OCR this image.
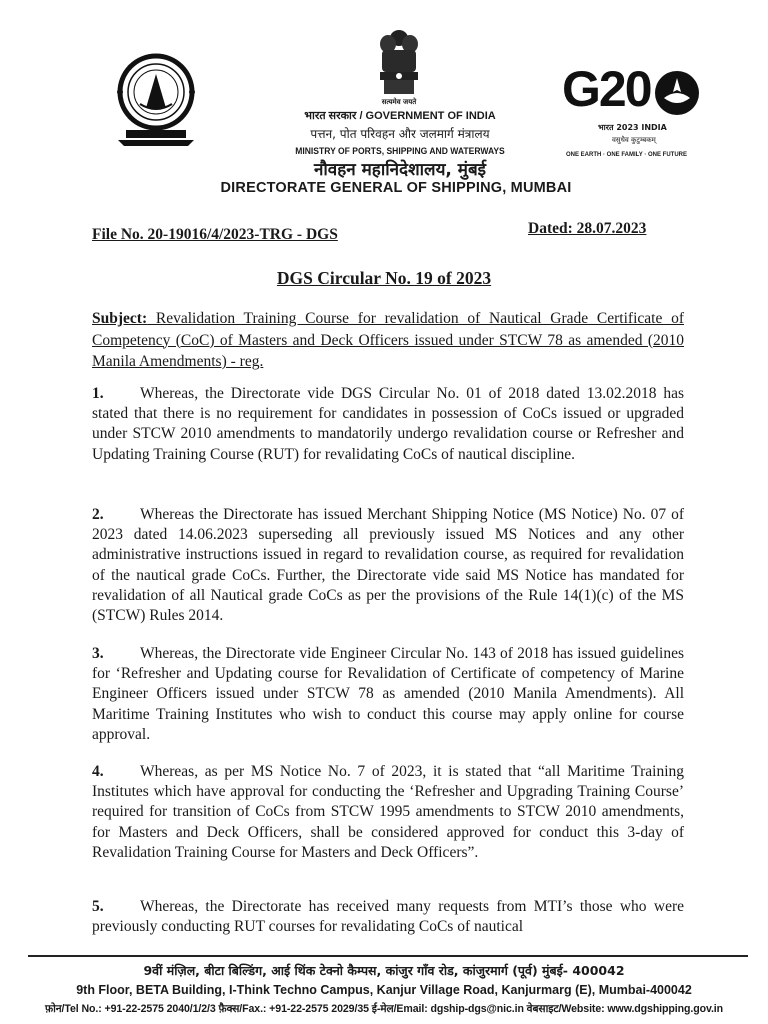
सत्यमेव जयते
भारत सरकार / GOVERNMENT OF INDIA
पत्तन, पोत परिवहन और जलमार्ग मंत्रालय
MINISTRY OF PORTS, SHIPPING AND WATERWAYS
नौवहन महानिदेशालय, मुंबई
DIRECTORATE GENERAL OF SHIPPING, MUMBAI
G20
भारत 2023 INDIA
वसुधैव कुटुम्बकम्
ONE EARTH · ONE FAMILY · ONE FUTURE
File No. 20-19016/4/2023-TRG - DGS	Dated: 28.07.2023
DGS Circular No. 19 of 2023
Subject: Revalidation Training Course for revalidation of Nautical Grade Certificate of Competency (CoC) of Masters and Deck Officers issued under STCW 78 as amended (2010 Manila Amendments) - reg.
1. Whereas, the Directorate vide DGS Circular No. 01 of 2018 dated 13.02.2018 has stated that there is no requirement for candidates in possession of CoCs issued or upgraded under STCW 2010 amendments to mandatorily undergo revalidation course or Refresher and Updating Training Course (RUT) for revalidating CoCs of nautical discipline.
2. Whereas the Directorate has issued Merchant Shipping Notice (MS Notice) No. 07 of 2023 dated 14.06.2023 superseding all previously issued MS Notices and any other administrative instructions issued in regard to revalidation course, as required for revalidation of the nautical grade CoCs. Further, the Directorate vide said MS Notice has mandated for revalidation of all Nautical grade CoCs as per the provisions of the Rule 14(1)(c) of the MS (STCW) Rules 2014.
3. Whereas, the Directorate vide Engineer Circular No. 143 of 2018 has issued guidelines for ‘Refresher and Updating course for Revalidation of Certificate of competency of Marine Engineer Officers issued under STCW 78 as amended (2010 Manila Amendments). All Maritime Training Institutes who wish to conduct this course may apply online for course approval.
4. Whereas, as per MS Notice No. 7 of 2023, it is stated that “all Maritime Training Institutes which have approval for conducting the ‘Refresher and Upgrading Training Course’ required for transition of CoCs from STCW 1995 amendments to STCW 2010 amendments, for Masters and Deck Officers, shall be considered approved for conduct this 3-day of Revalidation Training Course for Masters and Deck Officers”.
5. Whereas, the Directorate has received many requests from MTI’s those who were previously conducting RUT courses for revalidating CoCs of nautical
9वीं मंज़िल, बीटा बिल्डिंग, आई थिंक टेक्नो कैम्पस, कांजुर गाँव रोड, कांजुरमार्ग (पूर्व) मुंबई- 400042
9th Floor, BETA Building, I-Think Techno Campus, Kanjur Village Road, Kanjurmarg (E), Mumbai-400042
फ़ोन/Tel No.: +91-22-2575 2040/1/2/3 फ़ैक्स/Fax.: +91-22-2575 2029/35 ई-मेल/Email: dgship-dgs@nic.in वेबसाइट/Website: www.dgshipping.gov.in
